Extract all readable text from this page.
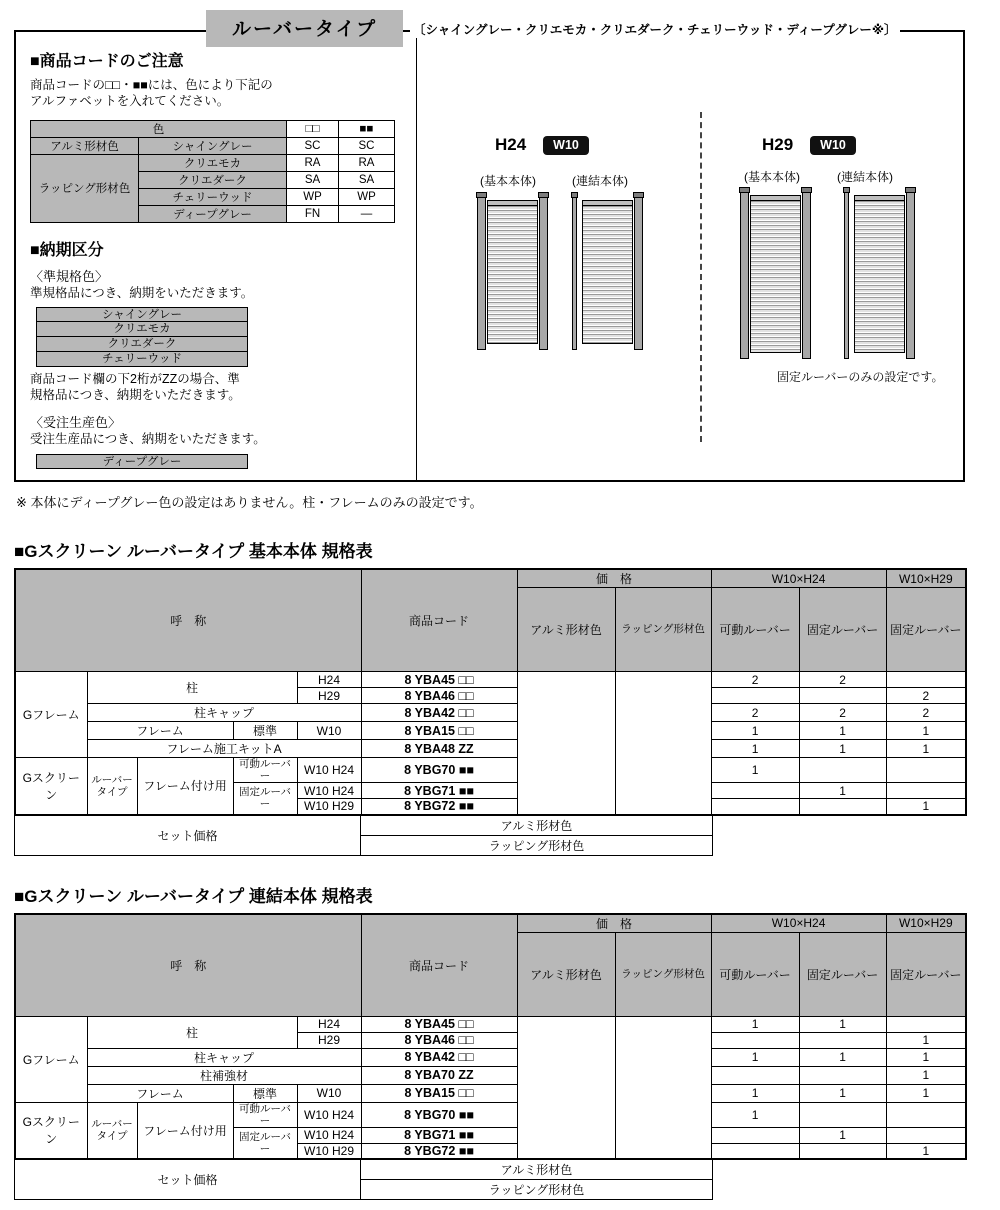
ルーバータイプ	〔シャイングレー・クリエモカ・クリエダーク・チェリーウッド・ディープグレー※〕
■商品コードのご注意
商品コードの□□・■■には、色により下記の
アルファベットを入れてください。
色		□□	■■
アルミ形材色	シャイングレー	SC	SC
ラッピング形材色	クリエモカ	RA	RA
	クリエダーク	SA	SA
	チェリーウッド	WP	WP
	ディープグレー	FN	—
■納期区分
〈準規格色〉
準規格品につき、納期をいただきます。
シャイングレー
クリエモカ
クリエダーク
チェリーウッド
商品コード欄の下2桁がZZの場合、準
規格品につき、納期をいただきます。
〈受注生産色〉
受注生産品につき、納期をいただきます。
ディープグレー
H24	W10
(基本本体)	(連結本体)
H29	W10
(基本本体)	(連結本体)
固定ルーバーのみの設定です。
※ 本体にディープグレー色の設定はありません。柱・フレームのみの設定です。
■Gスクリーン ルーバータイプ 基本本体 規格表
呼　称					商品コード	価　格		W10×H24		W10×H29
						アルミ形材色	ラッピング形材色	可動ルーバー	固定ルーバー	固定ルーバー
Gフレーム	柱			H24	8 YBA45 □□			2	2	
				H29	8 YBA46 □□					2
	柱キャップ				8 YBA42 □□			2	2	2
	フレーム		標準	W10	8 YBA15 □□			1	1	1
	フレーム施工キットA				8 YBA48 ZZ			1	1	1
Gスクリーン	ルーバータイプ	フレーム付け用	可動ルーバー	W10 H24	8 YBG70 ■■			1		
			固定ルーバー	W10 H24	8 YBG71 ■■				1	
				W10 H29	8 YBG72 ■■					1
セット価格	アルミ形材色
ラッピング形材色
■Gスクリーン ルーバータイプ 連結本体 規格表
呼　称					商品コード	価　格		W10×H24		W10×H29
						アルミ形材色	ラッピング形材色	可動ルーバー	固定ルーバー	固定ルーバー
Gフレーム	柱			H24	8 YBA45 □□			1	1	
				H29	8 YBA46 □□					1
	柱キャップ				8 YBA42 □□			1	1	1
	柱補強材				8 YBA70 ZZ					1
	フレーム		標準	W10	8 YBA15 □□			1	1	1
Gスクリーン	ルーバータイプ	フレーム付け用	可動ルーバー	W10 H24	8 YBG70 ■■			1		
			固定ルーバー	W10 H24	8 YBG71 ■■				1	
				W10 H29	8 YBG72 ■■					1
セット価格	アルミ形材色
ラッピング形材色
